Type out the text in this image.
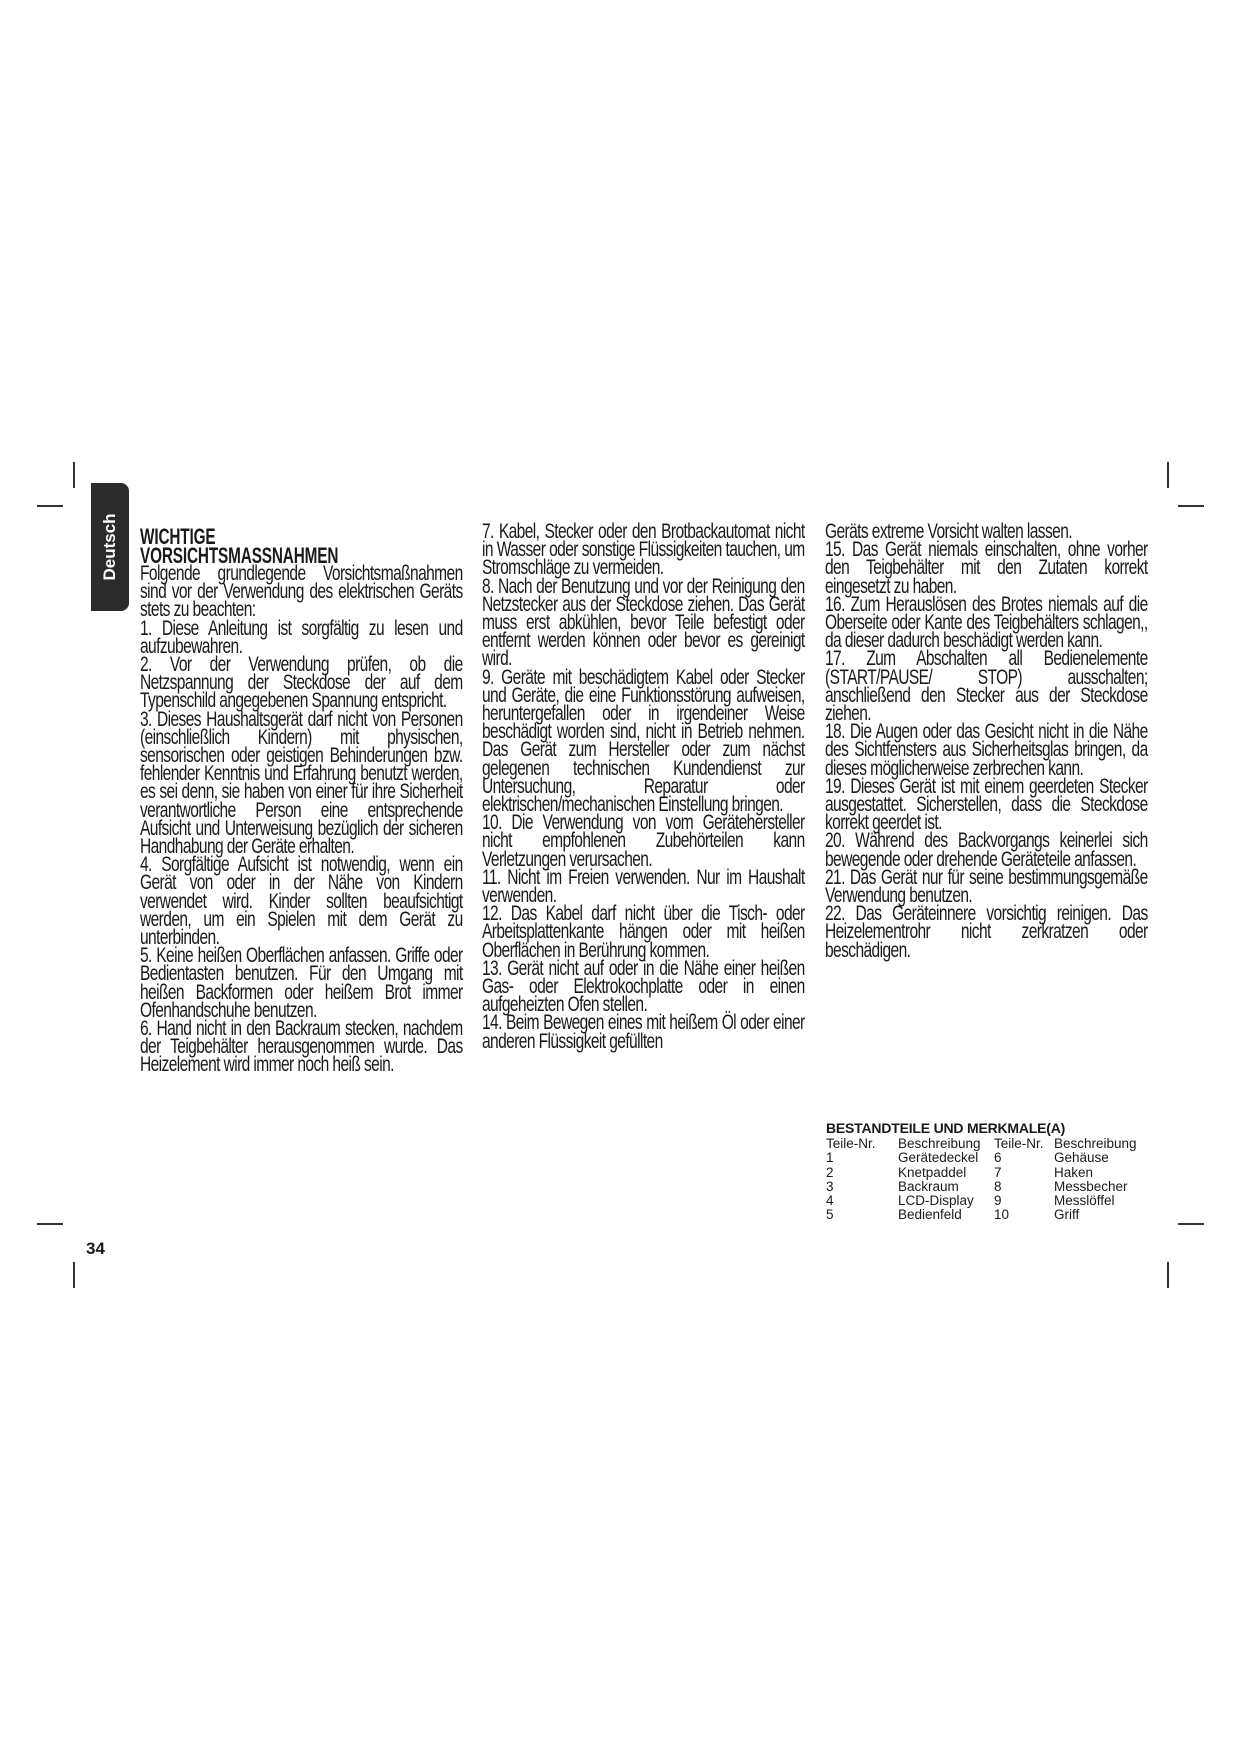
Deutsch
34
WICHTIGE
VORSICHTSMASSNAHMEN

Folgende grundlegende Vorsichtsmaßnahmen sind vor der Verwendung des elektrischen Geräts stets zu beachten:

1. Diese Anleitung ist sorgfältig zu lesen und aufzubewahren.

2. Vor der Verwendung prüfen, ob die Netzspannung der Steckdose der auf dem Typenschild angegebenen Spannung entspricht.

3. Dieses Haushaltsgerät darf nicht von Personen (einschließlich Kindern) mit physischen, sensorischen oder geistigen Behinderungen bzw. fehlender Kenntnis und Erfahrung benutzt werden, es sei denn, sie haben von einer für ihre Sicherheit verantwortliche Person eine entsprechende Aufsicht und Unterweisung bezüglich der sicheren Handhabung der Geräte erhalten.

4. Sorgfältige Aufsicht ist notwendig, wenn ein Gerät von oder in der Nähe von Kindern verwendet wird. Kinder sollten beaufsichtigt werden, um ein Spielen mit dem Gerät zu unterbinden.

5. Keine heißen Oberflächen anfassen. Griffe oder Bedientasten benutzen. Für den Umgang mit heißen Backformen oder heißem Brot immer Ofenhandschuhe benutzen.

6. Hand nicht in den Backraum stecken, nachdem der Teigbehälter herausgenommen wurde. Das Heizelement wird immer noch heiß sein.

7. Kabel, Stecker oder den Brotbackautomat nicht in Wasser oder sonstige Flüssigkeiten tauchen, um Stromschläge zu vermeiden.

8. Nach der Benutzung und vor der Reinigung den Netzstecker aus der Steckdose ziehen. Das Gerät muss erst abkühlen, bevor Teile befestigt oder entfernt werden können oder bevor es gereinigt wird.

9. Geräte mit beschädigtem Kabel oder Stecker und Geräte, die eine Funktionsstörung aufweisen, heruntergefallen oder in irgendeiner Weise beschädigt worden sind, nicht in Betrieb nehmen. Das Gerät zum Hersteller oder zum nächst gelegenen technischen Kundendienst zur Untersuchung, Reparatur oder elektrischen/mechanischen Einstellung bringen.

10. Die Verwendung von vom Gerätehersteller nicht empfohlenen Zubehörteilen kann Verletzungen verursachen.

11. Nicht im Freien verwenden. Nur im Haushalt verwenden.

12. Das Kabel darf nicht über die Tisch- oder Arbeitsplattenkante hängen oder mit heißen Oberflächen in Berührung kommen.

13. Gerät nicht auf oder in die Nähe einer heißen Gas- oder Elektrokochplatte oder in einen aufgeheizten Ofen stellen.

14. Beim Bewegen eines mit heißem Öl oder einer anderen Flüssigkeit gefüllten

Geräts extreme Vorsicht walten lassen.

15. Das Gerät niemals einschalten, ohne vorher den Teigbehälter mit den Zutaten korrekt eingesetzt zu haben.

16. Zum Herauslösen des Brotes niemals auf die Oberseite oder Kante des Teigbehälters schlagen,, da dieser dadurch beschädigt werden kann.

17. Zum Abschalten all Bedienelemente (START/PAUSE/ STOP) ausschalten; anschließend den Stecker aus der Steckdose ziehen.

18. Die Augen oder das Gesicht nicht in die Nähe des Sichtfensters aus Sicherheitsglas bringen, da dieses möglicherweise zerbrechen kann.

19. Dieses Gerät ist mit einem geerdeten Stecker ausgestattet. Sicherstellen, dass die Steckdose korrekt geerdet ist.

20. Während des Backvorgangs keinerlei sich bewegende oder drehende Geräteteile anfassen.

21. Das Gerät nur für seine bestimmungsgemäße Verwendung benutzen.

22. Das Geräteinnere vorsichtig reinigen. Das Heizelementrohr nicht zerkratzen oder beschädigen.

BESTANDTEILE UND MERKMALE(A)
Teile-Nr.	Beschreibung	Teile-Nr.	Beschreibung
1	Gerätedeckel	6	Gehäuse
2	Knetpaddel	7	Haken
3	Backraum	8	Messbecher
4	LCD-Display	9	Messlöffel
5	Bedienfeld	10	Griff
